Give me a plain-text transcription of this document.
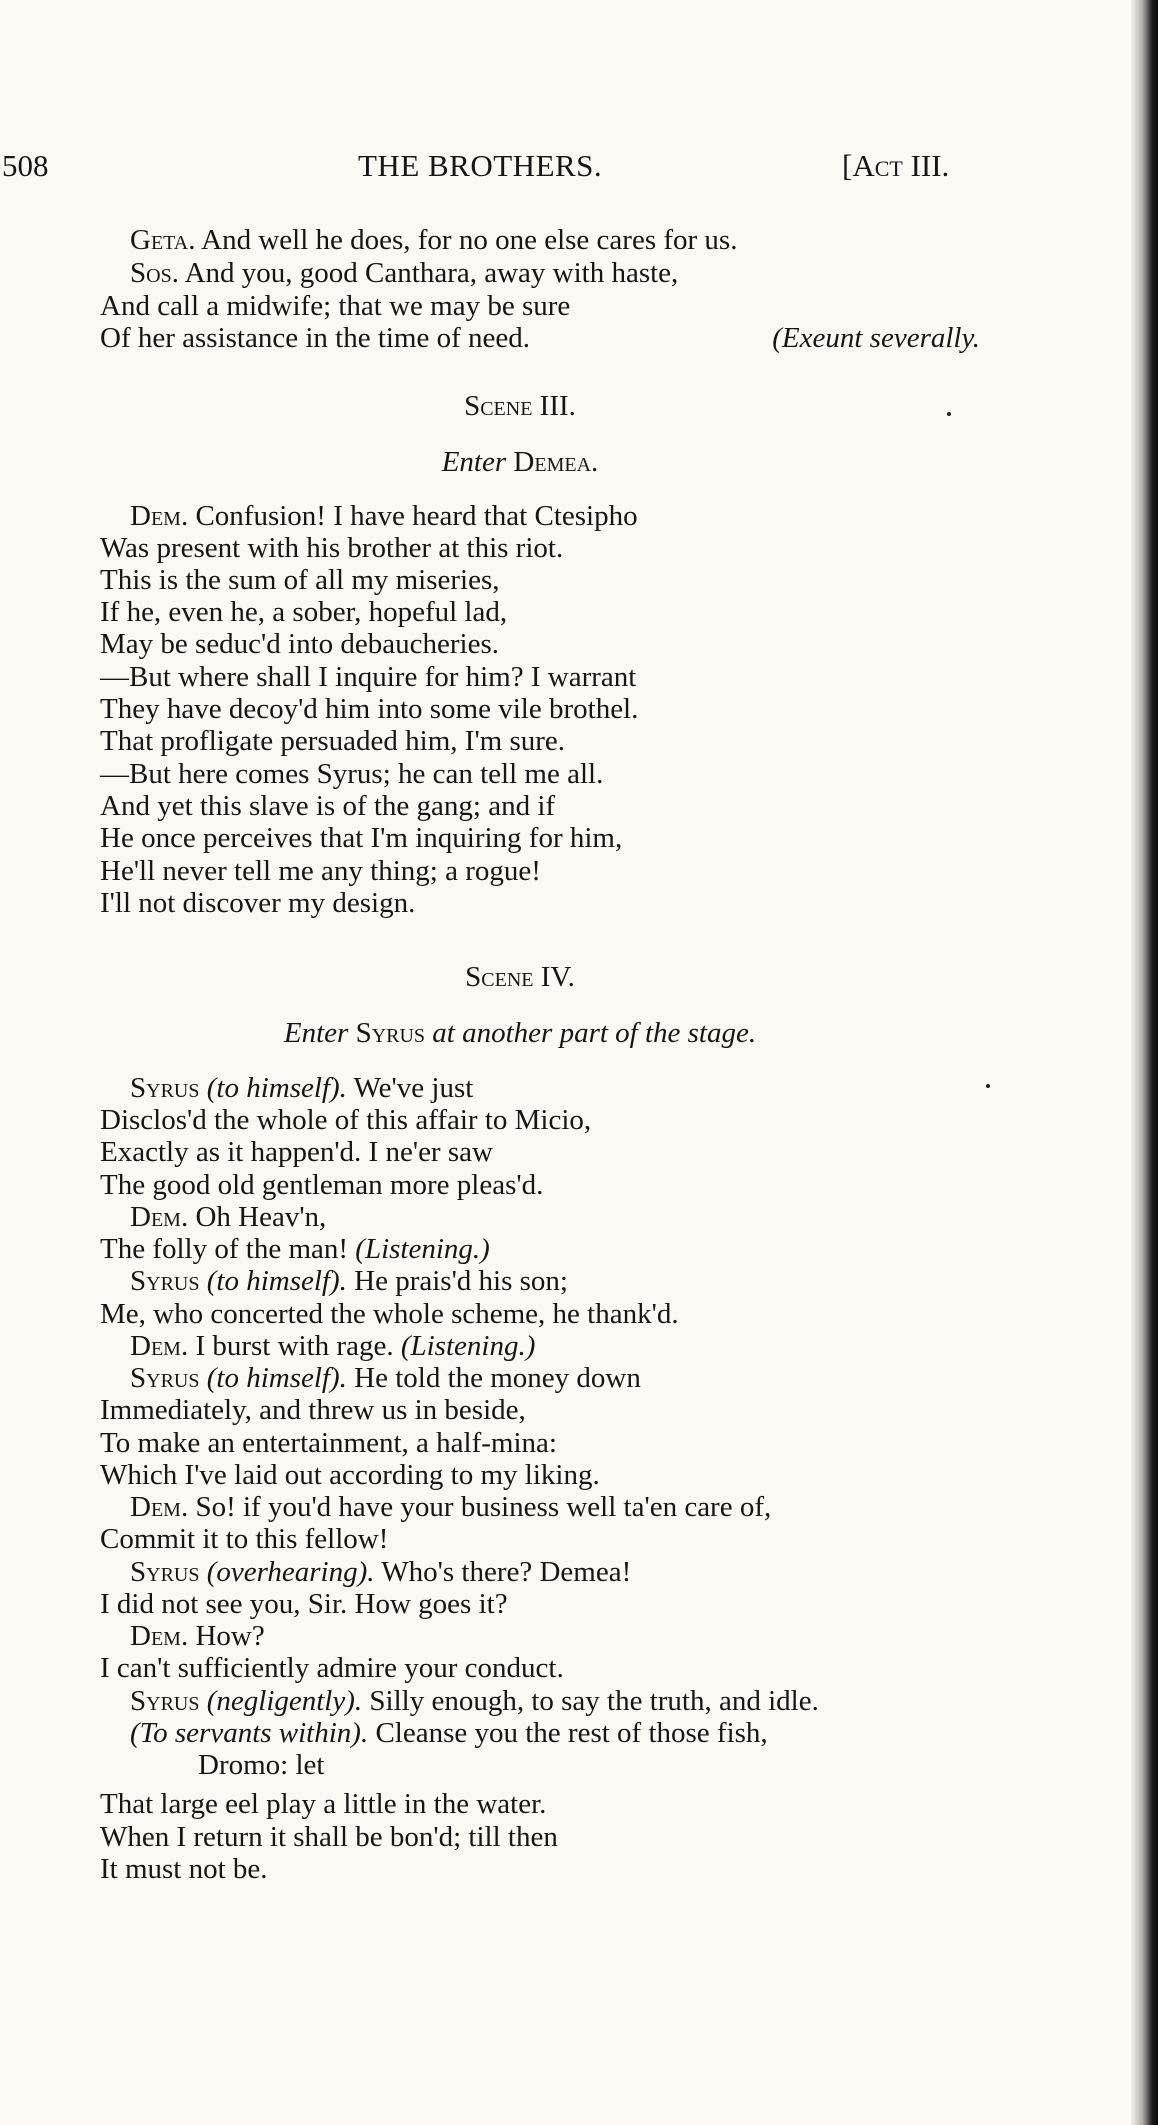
508	THE BROTHERS.	[Act III.
Geta. And well he does, for no one else cares for us.
Sos. And you, good Canthara, away with haste,
And call a midwife; that we may be sure
Of her assistance in the time of need.	(Exeunt severally.
Scene III.
Enter Demea.
Dem. Confusion! I have heard that Ctesipho
Was present with his brother at this riot.
This is the sum of all my miseries,
If he, even he, a sober, hopeful lad,
May be seduc'd into debaucheries.
—But where shall I inquire for him? I warrant
They have decoy'd him into some vile brothel.
That profligate persuaded him, I'm sure.
—But here comes Syrus; he can tell me all.
And yet this slave is of the gang; and if
He once perceives that I'm inquiring for him,
He'll never tell me any thing; a rogue!
I'll not discover my design.
Scene IV.
Enter Syrus at another part of the stage.
Syrus (to himself). We've just
Disclos'd the whole of this affair to Micio,
Exactly as it happen'd. I ne'er saw
The good old gentleman more pleas'd.
Dem. Oh Heav'n,
The folly of the man! (Listening.)
Syrus (to himself). He prais'd his son;
Me, who concerted the whole scheme, he thank'd.
Dem. I burst with rage. (Listening.)
Syrus (to himself). He told the money down
Immediately, and threw us in beside,
To make an entertainment, a half-mina:
Which I've laid out according to my liking.
Dem. So! if you'd have your business well ta'en care of,
Commit it to this fellow!
Syrus (overhearing). Who's there? Demea!
I did not see you, Sir. How goes it?
Dem. How?
I can't sufficiently admire your conduct.
Syrus (negligently). Silly enough, to say the truth, and idle.
(To servants within). Cleanse you the rest of those fish,
Dromo: let
That large eel play a little in the water.
When I return it shall be bon'd; till then
It must not be.
